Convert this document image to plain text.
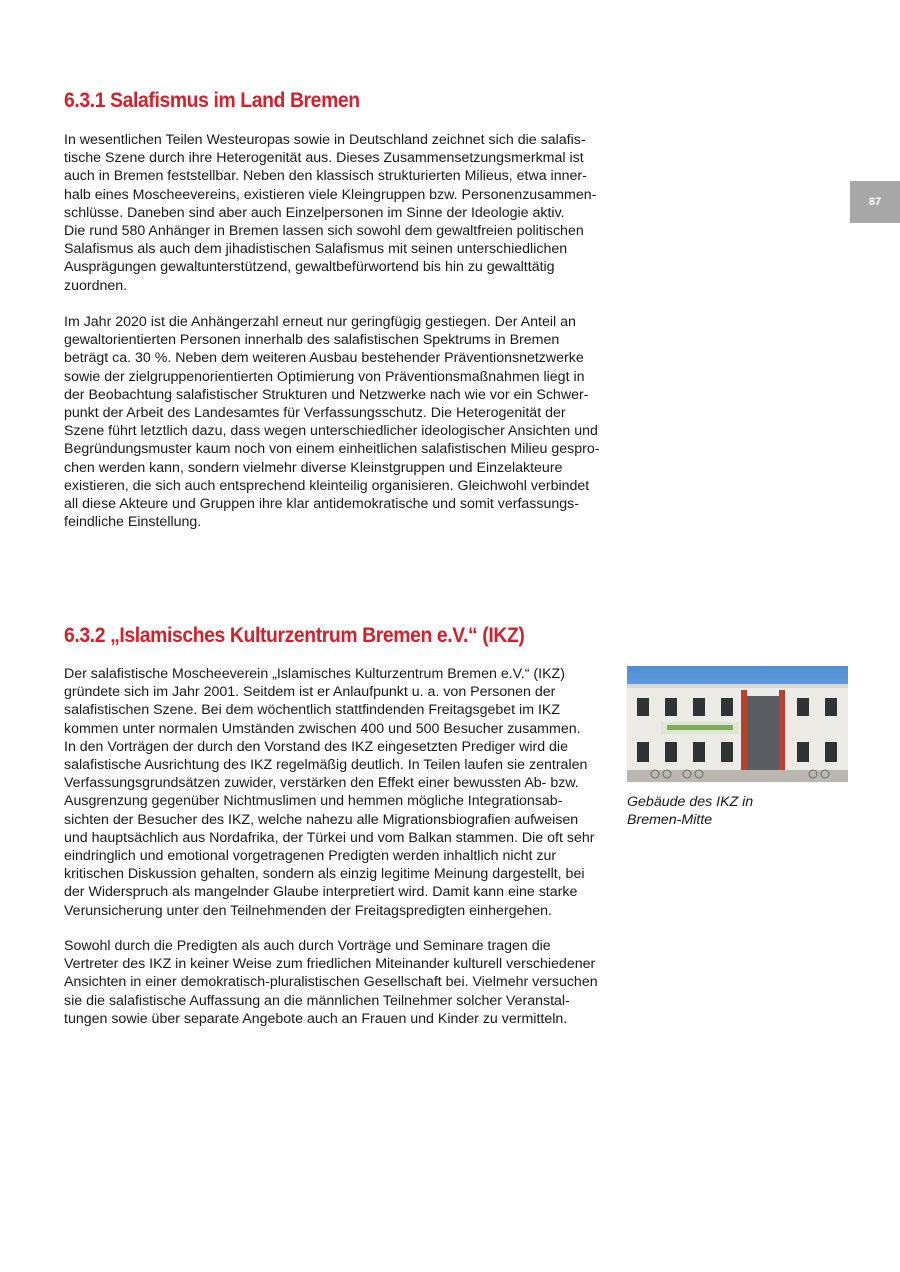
87
6.3.1 Salafismus im Land Bremen

In wesentlichen Teilen Westeuropas sowie in Deutschland zeichnet sich die salafis-
tische Szene durch ihre Heterogenität aus. Dieses Zusammensetzungsmerkmal ist
auch in Bremen feststellbar. Neben den klassisch strukturierten Milieus, etwa inner-
halb eines Moscheevereins, existieren viele Kleingruppen bzw. Personenzusammen-
schlüsse. Daneben sind aber auch Einzelpersonen im Sinne der Ideologie aktiv.
Die rund 580 Anhänger in Bremen lassen sich sowohl dem gewaltfreien politischen
Salafismus als auch dem jihadistischen Salafismus mit seinen unterschiedlichen
Ausprägungen gewaltunterstützend, gewaltbefürwortend bis hin zu gewalttätig
zuordnen.

Im Jahr 2020 ist die Anhängerzahl erneut nur geringfügig gestiegen. Der Anteil an
gewaltorientierten Personen innerhalb des salafistischen Spektrums in Bremen
beträgt ca. 30 %. Neben dem weiteren Ausbau bestehender Präventionsnetzwerke
sowie der zielgruppenorientierten Optimierung von Präventionsmaßnahmen liegt in
der Beobachtung salafistischer Strukturen und Netzwerke nach wie vor ein Schwer-
punkt der Arbeit des Landesamtes für Verfassungsschutz. Die Heterogenität der
Szene führt letztlich dazu, dass wegen unterschiedlicher ideologischer Ansichten und
Begründungsmuster kaum noch von einem einheitlichen salafistischen Milieu gespro-
chen werden kann, sondern vielmehr diverse Kleinstgruppen und Einzelakteure
existieren, die sich auch entsprechend kleinteilig organisieren. Gleichwohl verbindet
all diese Akteure und Gruppen ihre klar antidemokratische und somit verfassungs-
feindliche Einstellung.

6.3.2 „Islamisches Kulturzentrum Bremen e.V.“ (IKZ)

Der salafistische Moscheeverein „Islamisches Kulturzentrum Bremen e.V.“ (IKZ)
gründete sich im Jahr 2001. Seitdem ist er Anlaufpunkt u. a. von Personen der
salafistischen Szene. Bei dem wöchentlich stattfindenden Freitagsgebet im IKZ
kommen unter normalen Umständen zwischen 400 und 500 Besucher zusammen.
In den Vorträgen der durch den Vorstand des IKZ eingesetzten Prediger wird die
salafistische Ausrichtung des IKZ regelmäßig deutlich. In Teilen laufen sie zentralen
Verfassungsgrundsätzen zuwider, verstärken den Effekt einer bewussten Ab- bzw.
Ausgrenzung gegenüber Nichtmuslimen und hemmen mögliche Integrationsab-
sichten der Besucher des IKZ, welche nahezu alle Migrationsbiografien aufweisen
und hauptsächlich aus Nordafrika, der Türkei und vom Balkan stammen. Die oft sehr
eindringlich und emotional vorgetragenen Predigten werden inhaltlich nicht zur
kritischen Diskussion gehalten, sondern als einzig legitime Meinung dargestellt, bei
der Widerspruch als mangelnder Glaube interpretiert wird. Damit kann eine starke
Verunsicherung unter den Teilnehmenden der Freitagspredigten einhergehen.

Sowohl durch die Predigten als auch durch Vorträge und Seminare tragen die
Vertreter des IKZ in keiner Weise zum friedlichen Miteinander kulturell verschiedener
Ansichten in einer demokratisch-pluralistischen Gesellschaft bei. Vielmehr versuchen
sie die salafistische Auffassung an die männlichen Teilnehmer solcher Veranstal-
tungen sowie über separate Angebote auch an Frauen und Kinder zu vermitteln.

Gebäude des IKZ in
Bremen-Mitte
